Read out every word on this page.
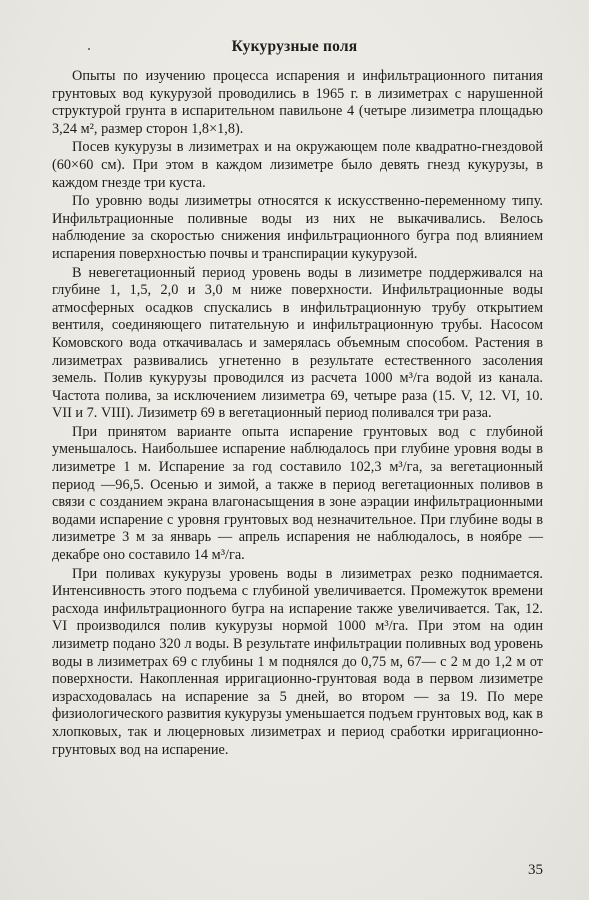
Кукурузные поля

Опыты по изучению процесса испарения и инфильтрационного питания грунтовых вод кукурузой проводились в 1965 г. в лизиметрах с нарушенной структурой грунта в испарительном павильоне 4 (четыре лизиметра площадью 3,24 м², размер сторон 1,8×1,8).

Посев кукурузы в лизиметрах и на окружающем поле квадратно-гнездовой (60×60 см). При этом в каждом лизиметре было девять гнезд кукурузы, в каждом гнезде три куста.

По уровню воды лизиметры относятся к искусственно-переменному типу. Инфильтрационные поливные воды из них не выкачивались. Велось наблюдение за скоростью снижения инфильтрационного бугра под влиянием испарения поверхностью почвы и транспирации кукурузой.

В невегетационный период уровень воды в лизиметре поддерживался на глубине 1, 1,5, 2,0 и 3,0 м ниже поверхности. Инфильтрационные воды атмосферных осадков спускались в инфильтрационную трубу открытием вентиля, соединяющего питательную и инфильтрационную трубы. Насосом Комовского вода откачивалась и замерялась объемным способом. Растения в лизиметрах развивались угнетенно в результате естественного засоления земель. Полив кукурузы проводился из расчета 1000 м³/га водой из канала. Частота полива, за исключением лизиметра 69, четыре раза (15. V, 12. VI, 10. VII и 7. VIII). Лизиметр 69 в вегетационный период поливался три раза.

При принятом варианте опыта испарение грунтовых вод с глубиной уменьшалось. Наибольшее испарение наблюдалось при глубине уровня воды в лизиметре 1 м. Испарение за год составило 102,3 м³/га, за вегетационный период —96,5. Осенью и зимой, а также в период вегетационных поливов в связи с созданием экрана влагонасыщения в зоне аэрации инфильтрационными водами испарение с уровня грунтовых вод незначительное. При глубине воды в лизиметре 3 м за январь — апрель испарения не наблюдалось, в ноябре — декабре оно составило 14 м³/га.

При поливах кукурузы уровень воды в лизиметрах резко поднимается. Интенсивность этого подъема с глубиной увеличивается. Промежуток времени расхода инфильтрационного бугра на испарение также увеличивается. Так, 12. VI производился полив кукурузы нормой 1000 м³/га. При этом на один лизиметр подано 320 л воды. В результате инфильтрации поливных вод уровень воды в лизиметрах 69 с глубины 1 м поднялся до 0,75 м, 67— с 2 м до 1,2 м от поверхности. Накопленная ирригационно-грунтовая вода в первом лизиметре израсходовалась на испарение за 5 дней, во втором — за 19. По мере физиологического развития кукурузы уменьшается подъем грунтовых вод, как в хлопковых, так и люцерновых лизиметрах и период сработки ирригационно-грунтовых вод на испарение.

35
